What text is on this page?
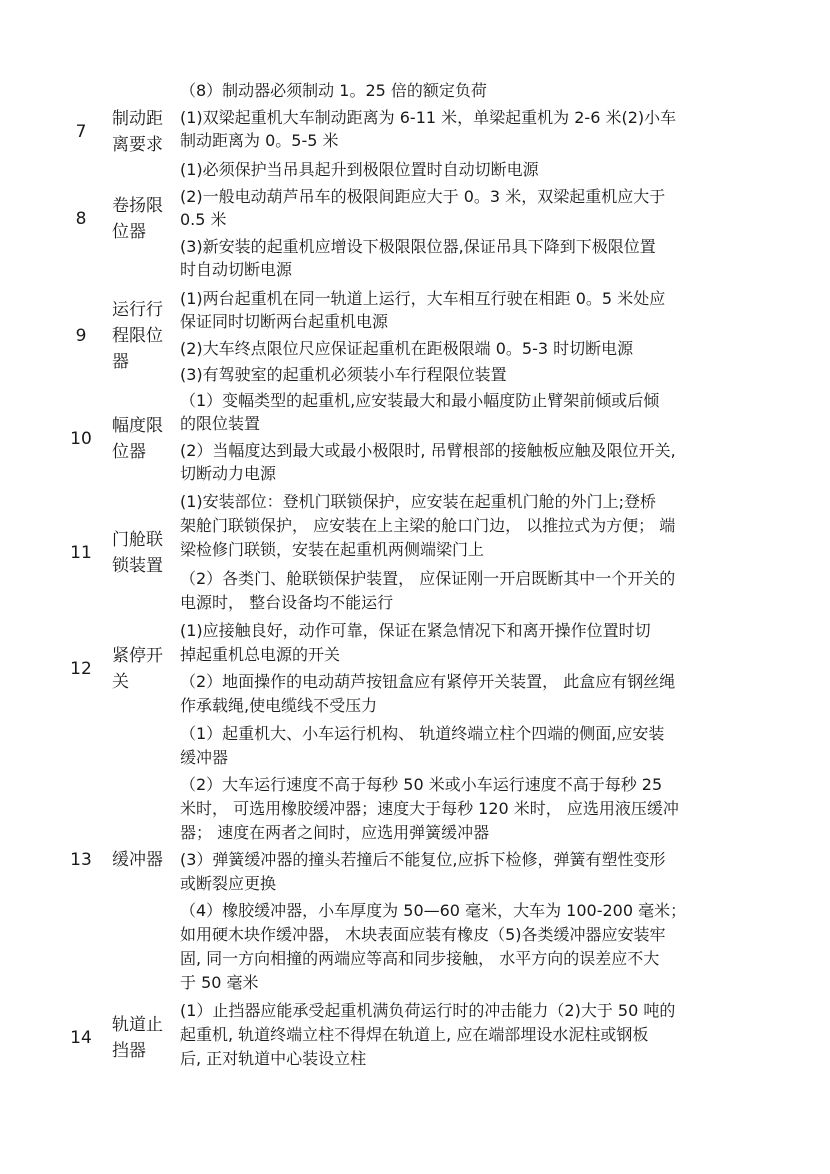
7
制动距离要求
（8）制动器必须制动 1。25 倍的额定负荷
(1)双梁起重机大车制动距离为 6-11 米，单梁起重机为 2-6 米(2)小车
制动距离为 0。5-5 米
8
卷扬限位器
(1)必须保护当吊具起升到极限位置时自动切断电源
(2)一般电动葫芦吊车的极限间距应大于 0。3 米，双梁起重机应大于
0.5 米
(3)新安装的起重机应增设下极限限位器,保证吊具下降到下极限位置
时自动切断电源
9
运行行程限位器
(1)两台起重机在同一轨道上运行，大车相互行驶在相距 0。5 米处应
保证同时切断两台起重机电源
(2)大车终点限位尺应保证起重机在距极限端 0。5-3 时切断电源
(3)有驾驶室的起重机必须装小车行程限位装置
10
幅度限位器
（1）变幅类型的起重机,应安装最大和最小幅度防止臂架前倾或后倾
的限位装置
(2）当幅度达到最大或最小极限时, 吊臂根部的接触板应触及限位开关,
切断动力电源
11
门舱联锁装置
(1)安装部位：登机门联锁保护，应安装在起重机门舱的外门上;登桥
架舱门联锁保护， 应安装在上主梁的舱口门边， 以推拉式为方便； 端
梁检修门联锁，安装在起重机两侧端梁门上
（2）各类门、舱联锁保护装置， 应保证刚一开启既断其中一个开关的
电源时， 整台设备均不能运行
12
紧停开关
(1)应接触良好，动作可靠，保证在紧急情况下和离开操作位置时切
掉起重机总电源的开关
（2）地面操作的电动葫芦按钮盒应有紧停开关装置， 此盒应有钢丝绳
作承载绳,使电缆线不受压力
13	缓冲器
（1）起重机大、小车运行机构、 轨道终端立柱个四端的侧面,应安装
缓冲器
（2）大车运行速度不高于每秒 50 米或小车运行速度不高于每秒 25
米时， 可选用橡胶缓冲器；速度大于每秒 120 米时， 应选用液压缓冲
器； 速度在两者之间时，应选用弹簧缓冲器
(3）弹簧缓冲器的撞头若撞后不能复位,应拆下检修，弹簧有塑性变形
或断裂应更换
（4）橡胶缓冲器，小车厚度为 50—60 毫米，大车为 100-200 毫米；
如用硬木块作缓冲器， 木块表面应装有橡皮（5)各类缓冲器应安装牢
固, 同一方向相撞的两端应等高和同步接触， 水平方向的误差应不大
于 50 毫米
14
轨道止挡器
(1）止挡器应能承受起重机满负荷运行时的冲击能力（2)大于 50 吨的
起重机, 轨道终端立柱不得焊在轨道上, 应在端部埋设水泥柱或钢板
后, 正对轨道中心装设立柱
